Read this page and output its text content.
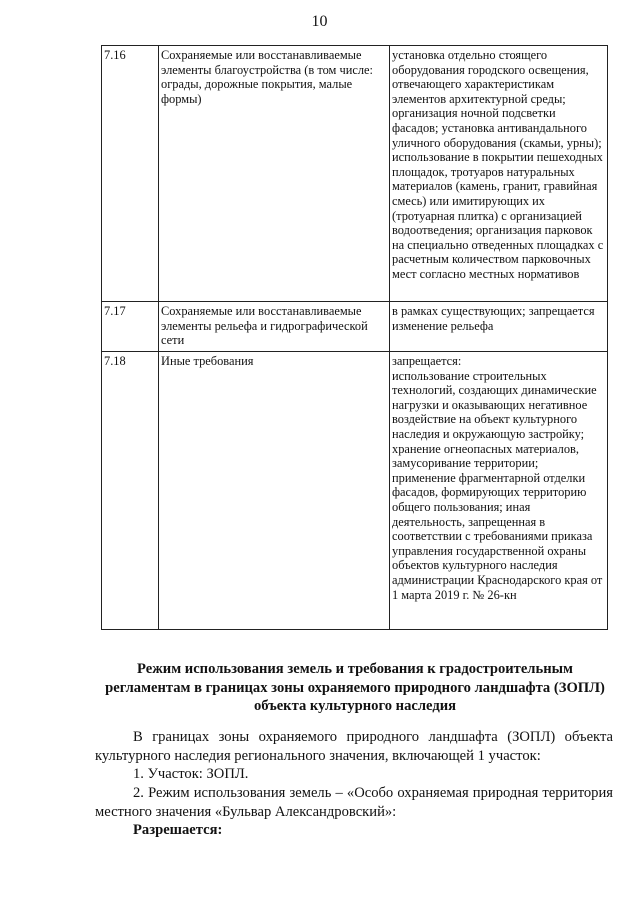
10
7.16	Сохраняемые или восстанавливаемые элементы благоустройства (в том числе:
ограды, дорожные покрытия, малые формы)	установка отдельно стоящего оборудования городского освещения, отвечающего характеристикам элементов архитектурной среды; организация ночной подсветки фасадов; установка антивандального уличного оборудования (скамьи, урны); использование в покрытии пешеходных площадок, тротуаров натуральных материалов (камень, гранит, гравийная смесь) или имитирующих их (тротуарная плитка) с организацией водоотведения; организация парковок на специально отведенных площадках с расчетным количеством парковочных мест согласно местных нормативов
7.17	Сохраняемые или восстанавливаемые элементы рельефа и гидрографической сети	в рамках существующих; запрещается изменение рельефа
7.18	Иные требования	запрещается:
использование строительных технологий, создающих динамические нагрузки и оказывающих негативное воздействие на объект культурного наследия и окружающую застройку; хранение огнеопасных материалов, замусоривание территории; применение фрагментарной отделки фасадов, формирующих территорию общего пользования; иная деятельность, запрещенная в соответствии с требованиями приказа управления государственной охраны объектов культурного наследия администрации Краснодарского края от 1 марта 2019 г. № 26-кн
Режим использования земель и требования к градостроительным регламентам в границах зоны охраняемого природного ландшафта (ЗОПЛ) объекта культурного наследия
В границах зоны охраняемого природного ландшафта (ЗОПЛ) объекта культурного наследия регионального значения, включающей 1 участок:
1. Участок: ЗОПЛ.
2. Режим использования земель – «Особо охраняемая природная территория местного значения «Бульвар Александровский»:
Разрешается:
